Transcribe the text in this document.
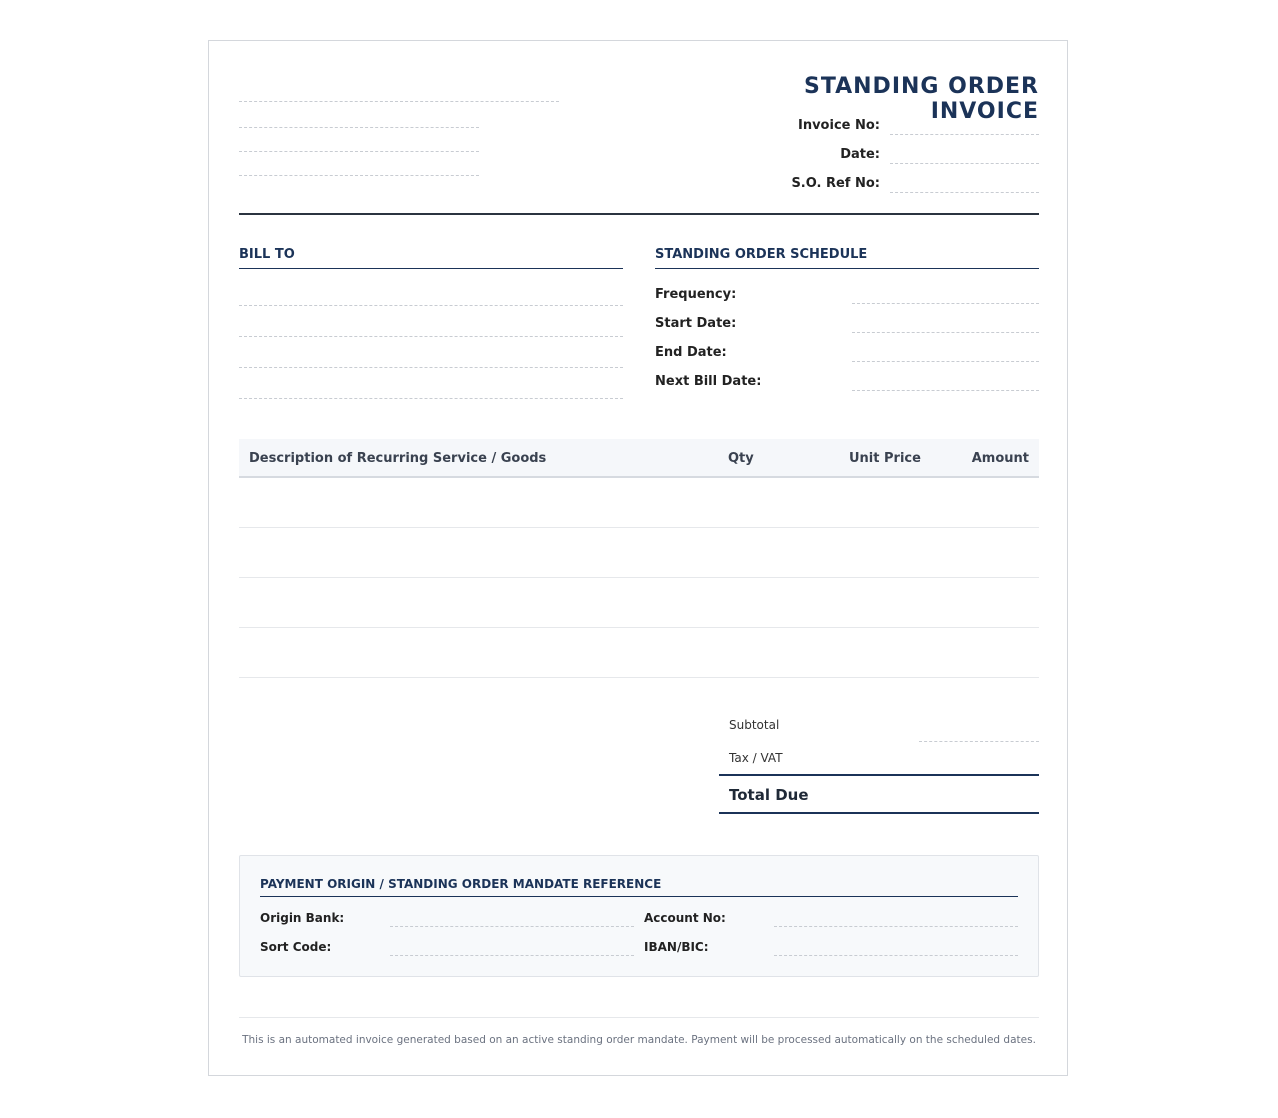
STANDING ORDER INVOICE
Invoice No:
Date:
S.O. Ref No:
BILL TO	STANDING ORDER SCHEDULE
Frequency:
Start Date:
End Date:
Next Bill Date:
Description of Recurring Service / Goods	Qty	Unit Price	Amount
Subtotal
Tax / VAT
Total Due
PAYMENT ORIGIN / STANDING ORDER MANDATE REFERENCE
Origin Bank:	Account No:
Sort Code:	IBAN/BIC:
This is an automated invoice generated based on an active standing order mandate. Payment will be processed automatically on the scheduled dates.
